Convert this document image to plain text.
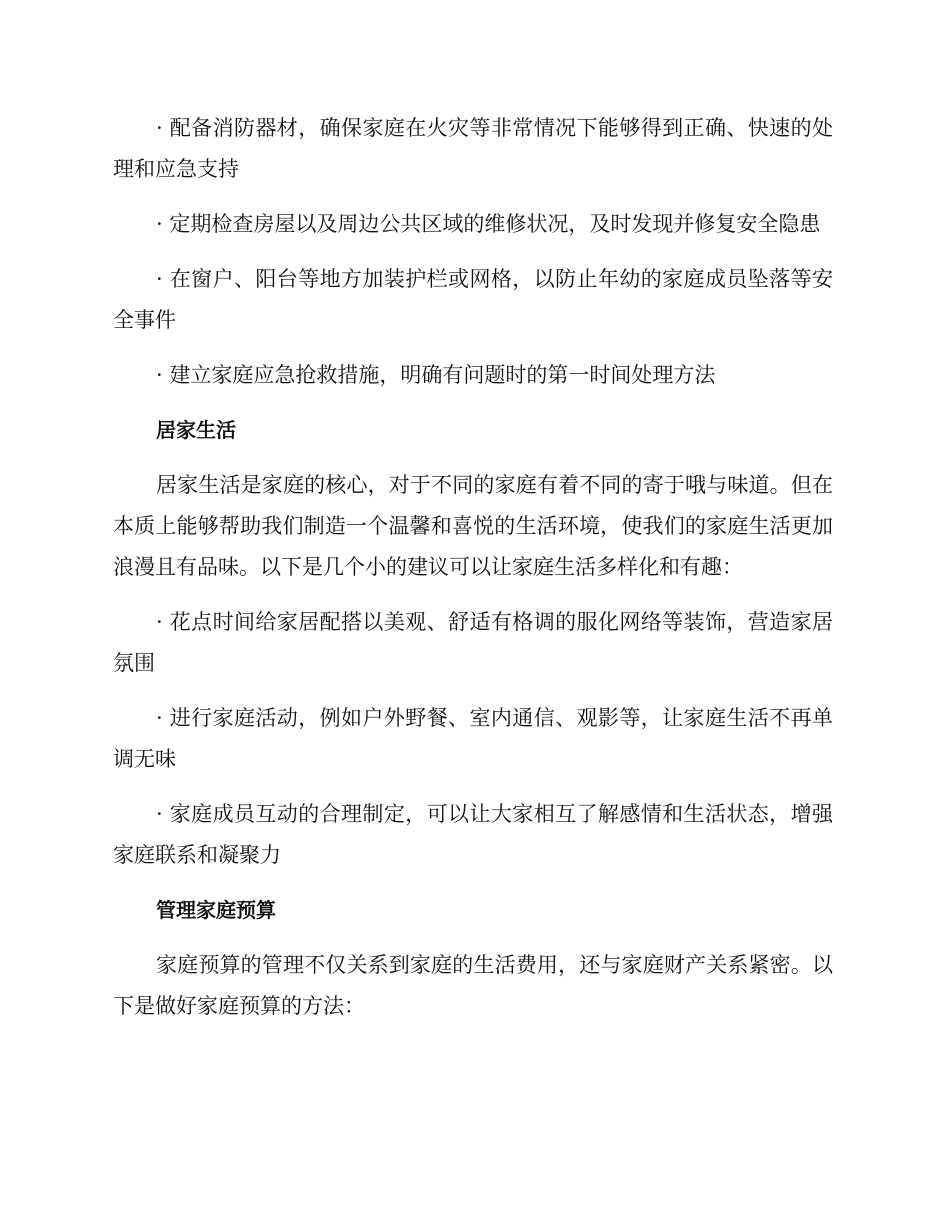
· 配备消防器材，确保家庭在火灾等非常情况下能够得到正确、快速的处理和应急支持

· 定期检查房屋以及周边公共区域的维修状况，及时发现并修复安全隐患

· 在窗户、阳台等地方加装护栏或网格，以防止年幼的家庭成员坠落等安全事件

· 建立家庭应急抢救措施，明确有问题时的第一时间处理方法

居家生活

居家生活是家庭的核心，对于不同的家庭有着不同的寄于哦与味道。但在本质上能够帮助我们制造一个温馨和喜悦的生活环境，使我们的家庭生活更加浪漫且有品味。以下是几个小的建议可以让家庭生活多样化和有趣：

· 花点时间给家居配搭以美观、舒适有格调的服化网络等装饰，营造家居氛围

· 进行家庭活动，例如户外野餐、室内通信、观影等，让家庭生活不再单调无味

· 家庭成员互动的合理制定，可以让大家相互了解感情和生活状态，增强家庭联系和凝聚力

管理家庭预算

家庭预算的管理不仅关系到家庭的生活费用，还与家庭财产关系紧密。以下是做好家庭预算的方法：
